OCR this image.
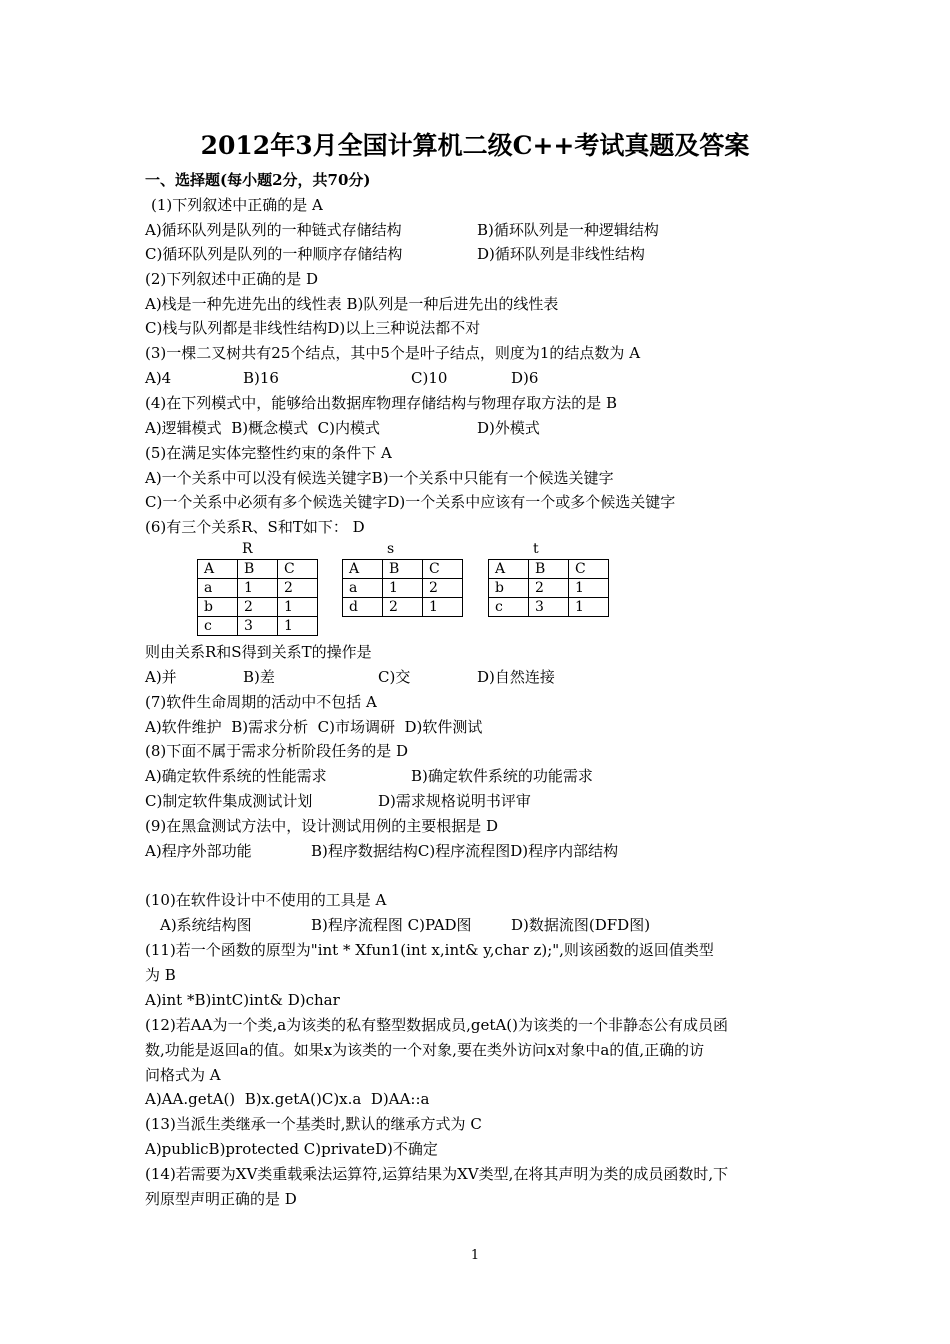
2012年3月全国计算机二级C++考试真题及答案
一、选择题(每小题2分，共70分)
(1)下列叙述中正确的是 A

A)循环队列是队列的一种链式存储结构

	B)循环队列是一种逻辑结构

C)循环队列是队列的一种顺序存储结构

	D)循环队列是非线性结构

(2)下列叙述中正确的是 D
A)栈是一种先进先出的线性表 B)队列是一种后进先出的线性表
C)栈与队列都是非线性结构D)以上三种说法都不对
(3)一棵二叉树共有25个结点，其中5个是叶子结点，则度为1的结点数为 A

A)4

	B)16

	C)10

	D)6

(4)在下列模式中，能够给出数据库物理存储结构与物理存取方法的是 B

A)逻辑模式  B)概念模式  C)内模式

	D)外模式

(5)在满足实体完整性约束的条件下 A
A)一个关系中可以没有候选关键字B)一个关系中只能有一个候选关键字
C)一个关系中必须有多个候选关键字D)一个关系中应该有一个或多个候选关键字
(6)有三个关系R、S和T如下： D
R	s	t
A	B	C
a	1	2
b	2	1
c	3	1
A	B	C
a	1	2
d	2	1
A	B	C
b	2	1
c	3	1
则由关系R和S得到关系T的操作是

A)并

	B)差

	C)交

	D)自然连接

(7)软件生命周期的活动中不包括 A
A)软件维护  B)需求分析  C)市场调研  D)软件测试
(8)下面不属于需求分析阶段任务的是 D

A)确定软件系统的性能需求

	B)确定软件系统的功能需求

C)制定软件集成测试计划

	D)需求规格说明书评审

(9)在黑盒测试方法中，设计测试用例的主要根据是 D

A)程序外部功能

	B)程序数据结构C)程序流程图D)程序内部结构

(10)在软件设计中不使用的工具是 A

A)系统结构图

	B)程序流程图 C)PAD图

	D)数据流图(DFD图)

(11)若一个函数的原型为"int * Xfun1(int x,int& y,char z);",则该函数的返回值类型
为 B
A)int *B)intC)int& D)char
(12)若AA为一个类,a为该类的私有整型数据成员,getA()为该类的一个非静态公有成员函
数,功能是返回a的值。如果x为该类的一个对象,要在类外访问x对象中a的值,正确的访
问格式为 A
A)AA.getA()  B)x.getA()C)x.a  D)AA::a
(13)当派生类继承一个基类时,默认的继承方式为 C
A)publicB)protected C)privateD)不确定
(14)若需要为XV类重载乘法运算符,运算结果为XV类型,在将其声明为类的成员函数时,下
列原型声明正确的是 D
1
